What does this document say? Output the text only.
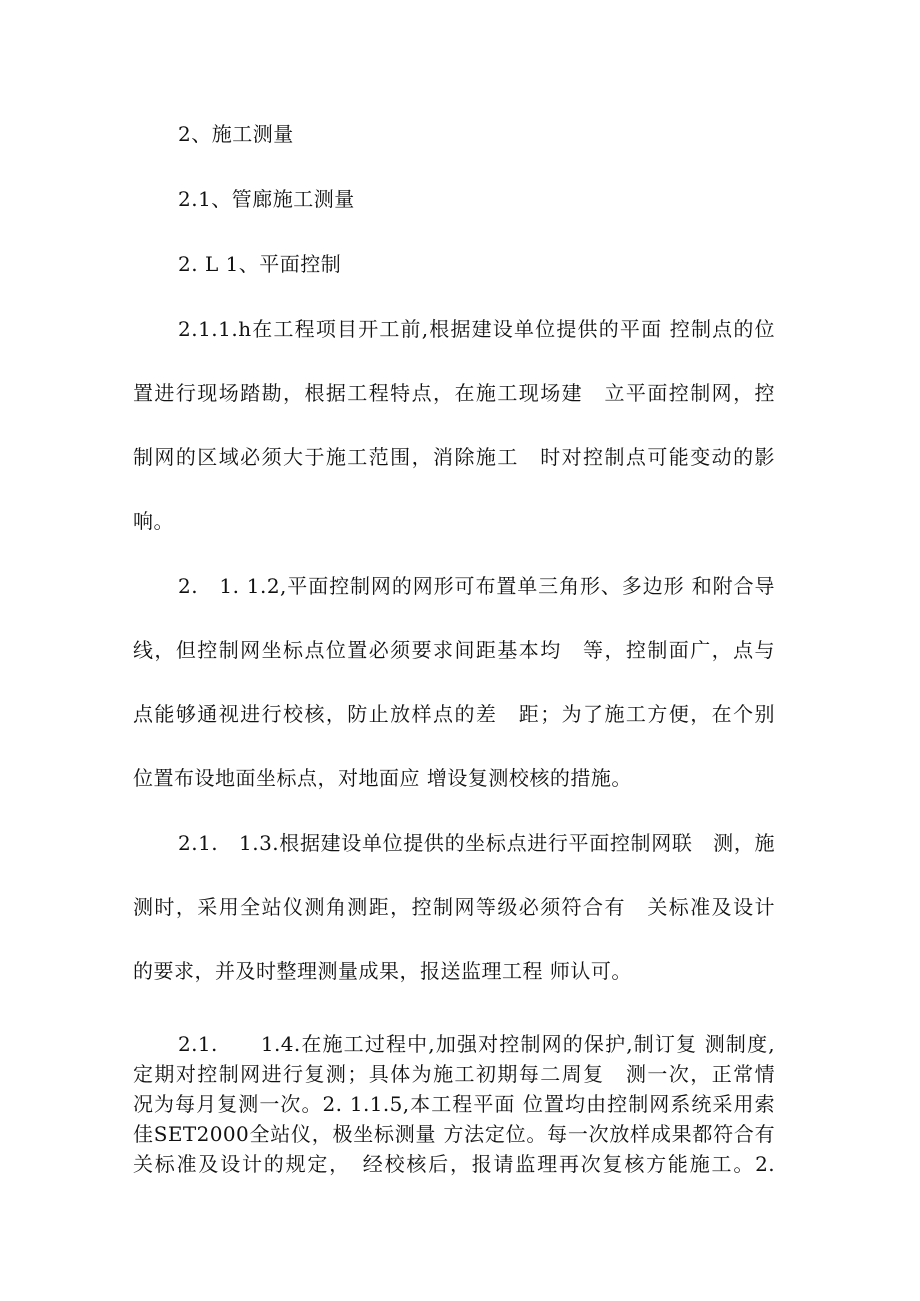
2、施工测量
2.1、管廊施工测量
2. L 1、平面控制
2.1.1.h在工程项目开工前,根据建设单位提供的平面 控制点的位
置进行现场踏勘，根据工程特点，在施工现场建　立平面控制网，控
制网的区域必须大于施工范围，消除施工　时对控制点可能变动的影
响。
2.　1. 1.2,平面控制网的网形可布置单三角形、多边形 和附合导
线，但控制网坐标点位置必须要求间距基本均　等，控制面广，点与
点能够通视进行校核，防止放样点的差　距；为了施工方便，在个别
位置布设地面坐标点，对地面应 增设复测校核的措施。
2.1.　1.3.根据建设单位提供的坐标点进行平面控制网联　测，施
测时，采用全站仪测角测距，控制网等级必须符合有　关标准及设计
的要求，并及时整理测量成果，报送监理工程 师认可。
2.1.　　1.4.在施工过程中,加强对控制网的保护,制订复 测制度,
定期对控制网进行复测；具体为施工初期每二周复　测一次，正常情
况为每月复测一次。2. 1.1.5,本工程平面 位置均由控制网系统采用索
佳SET2000全站仪，极坐标测量 方法定位。每一次放样成果都符合有
关标准及设计的规定，　经校核后，报请监理再次复核方能施工。2.
